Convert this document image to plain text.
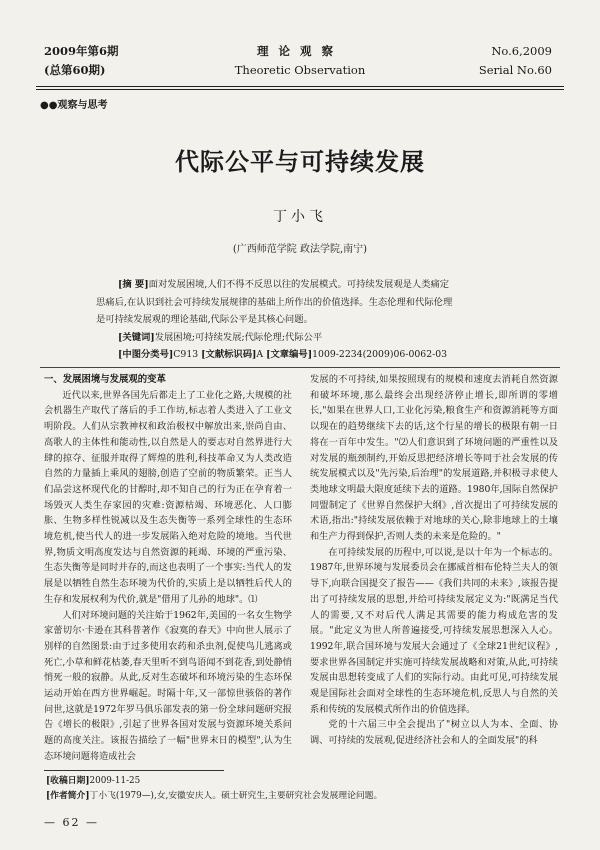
2009年第6期
(总第60期)
理论观察
Theoretic Observation
No.6,2009
Serial No.60
●●观察与思考
代际公平与可持续发展
丁小飞
(广西师范学院 政法学院,南宁)

[摘 要]面对发展困境,人们不得不反思以往的发展模式。可持续发展观是人类痛定

思痛后,在认识到社会可持续发展规律的基础上所作出的价值选择。生态伦理和代际伦理

是可持续发展观的理论基础,代际公平是其核心问题。

[关键词]发展困境;可持续发展;代际伦理;代际公平

[中图分类号]C913 [文献标识码]A [文章编号]1009-2234(2009)06-0062-03

一、发展困境与发展观的变革

近代以来,世界各国先后都走上了工业化之路,大规模的社会机器生产取代了落后的手工作坊,标志着人类进入了工业文明阶段。人们从宗教神权和政治极权中解放出来,崇尚自由、高歌人的主体性和能动性,以自然是人的要志对自然界进行大肆的掠夺、征服并取得了辉煌的胜利,科技革命又为人类改造自然的力量插上乘风的翅膀,创造了空前的物质繁荣。正当人们品尝这杯现代化的甘醇时,却不知自己的行为正在孕育着一场毁灭人类生存家园的灾难:资源枯竭、环境恶化、人口膨胀、生物多样性锐减以及生态失衡等一系列全球性的生态环境危机,使当代人的进一步发展陷入绝对危险的境地。当代世界,物质文明高度发达与自然资源的耗竭、环境的严重污染、生态失衡等是同时并存的,而这也表明了一个事实:当代人的发展是以牺牲自然生态环境为代价的,实质上是以牺牲后代人的生存和发展权利为代价,就是"借用了儿孙的地球"。⑴

人们对环境问题的关注始于1962年,美国的一名女生物学家蕾切尔·卡逊在其科普著作《寂寞的春天》中向世人展示了别样的自然图景:由于过多使用农药和杀虫剂,促使鸟儿逃离或死亡,小草和鲜花枯萎,春天里听不到鸟语闻不到花香,到处静悄悄死一般的寂静。从此,反对生态破坏和环境污染的生态环保运动开始在西方世界崛起。时隔十年,又一部惊世骇俗的著作问世,这就是1972年罗马俱乐部发表的第一份全球问题研究报告《增长的极限》,引起了世界各国对发展与资源环境关系问题的高度关注。该报告描绘了一幅"世界末日的模型",认为生态环境问题将造成社会

发展的不可持续,如果按照现有的规模和速度去消耗自然资源和破坏环境,那么最终会出现经济停止增长,即所谓的零增长,"如果在世界人口,工业化污染,粮食生产和资源消耗等方面以现在的趋势继续下去的话,这个行星的增长的极限有朝一日将在一百年中发生。"⑵人们意识到了环境问题的严重性以及对发展的瓶颈制约,开始反思把经济增长等同于社会发展的传统发展模式以及"先污染,后治理"的发展道路,并积极寻求使人类地球文明最大限度延续下去的道路。1980年,国际自然保护同盟制定了《世界自然保护大纲》,首次提出了可持续发展的术语,指出:"持续发展依赖于对地球的关心,除非地球上的土壤和生产力得到保护,否则人类的未来是危险的。"

在可持续发展的历程中,可以说,是以十年为一个标志的。1987年,世界环境与发展委员会在挪威首相布伦特兰夫人的领导下,向联合国提交了报告——《我们共同的未来》,该报告提出了可持续发展的思想,并给可持续发展定义为:"既满足当代人的需要,又不对后代人满足其需要的能力构成危害的发展。"此定义为世人所普遍接受,可持续发展思想深入人心。1992年,联合国环境与发展大会通过了《全球21世纪议程》,要求世界各国制定并实施可持续发展战略和对策,从此,可持续发展由思想转变成了人们的实际行动。由此可见,可持续发展观是国际社会面对全球性的生态环境危机,反思人与自然的关系和传统的发展模式所作出的价值选择。

党的十六届三中全会提出了"树立以人为本、全面、协调、可持续的发展观,促进经济社会和人的全面发展"的科

[收稿日期]2009-11-25

[作者简介]丁小飞(1979—),女,安徽安庆人。硕士研究生,主要研究社会发展理论问题。

— 62 —
